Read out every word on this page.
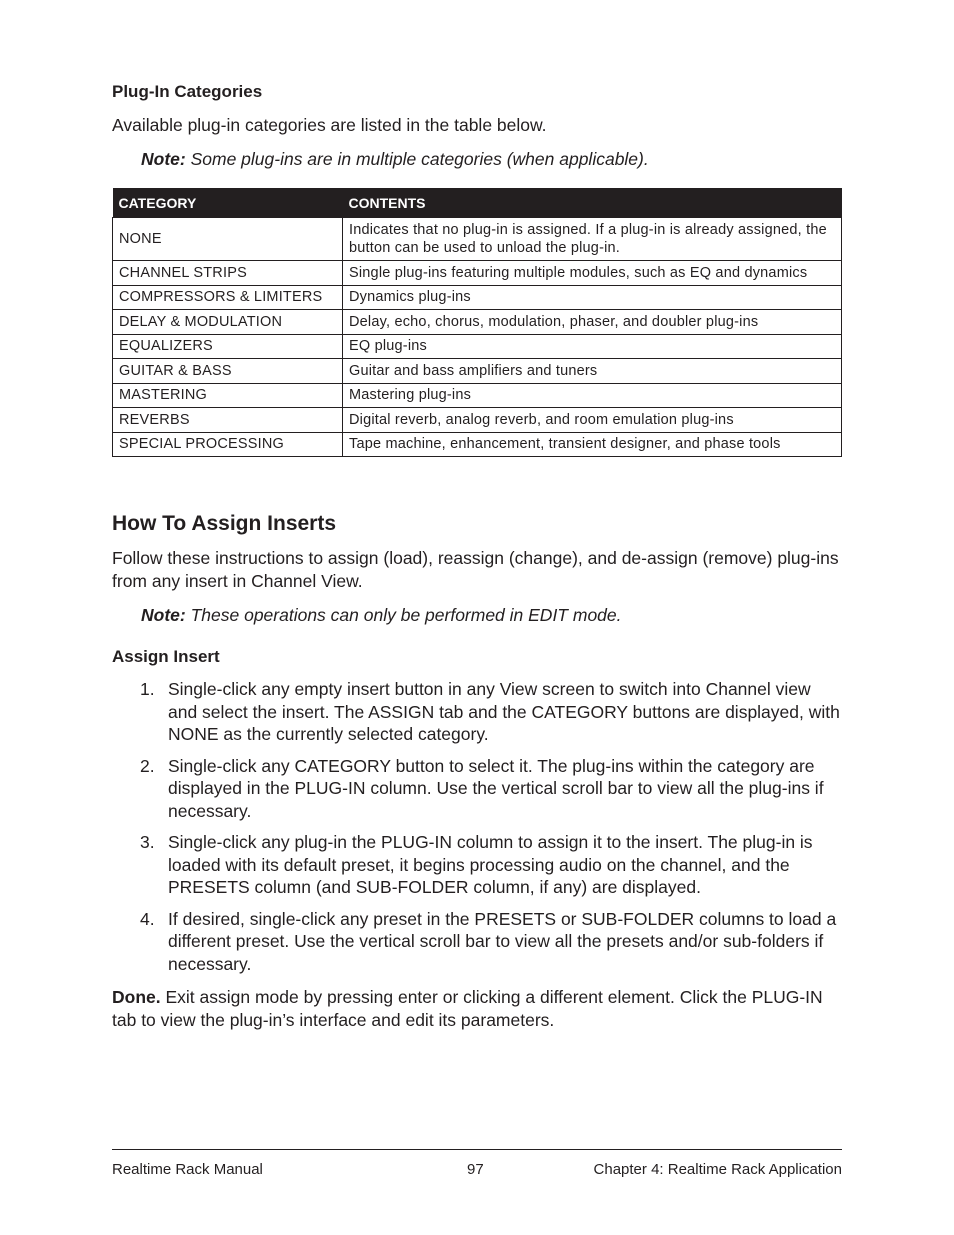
Plug-In Categories
Available plug-in categories are listed in the table below.
Note: Some plug-ins are in multiple categories (when applicable).
CATEGORY	CONTENTS
NONE	Indicates that no plug-in is assigned. If a plug-in is already assigned, the button can be used to unload the plug-in.
CHANNEL STRIPS	Single plug-ins featuring multiple modules, such as EQ and dynamics
COMPRESSORS & LIMITERS	Dynamics plug-ins
DELAY & MODULATION	Delay, echo, chorus, modulation, phaser, and doubler plug-ins
EQUALIZERS	EQ plug-ins
GUITAR & BASS	Guitar and bass amplifiers and tuners
MASTERING	Mastering plug-ins
REVERBS	Digital reverb, analog reverb, and room emulation plug-ins
SPECIAL PROCESSING	Tape machine, enhancement, transient designer, and phase tools
How To Assign Inserts
Follow these instructions to assign (load), reassign (change), and de-assign (remove) plug-ins from any insert in Channel View.
Note: These operations can only be performed in EDIT mode.
Assign Insert
1. Single-click any empty insert button in any View screen to switch into Channel view and select the insert. The ASSIGN tab and the CATEGORY buttons are displayed, with NONE as the currently selected category.
2. Single-click any CATEGORY button to select it. The plug-ins within the category are displayed in the PLUG-IN column. Use the vertical scroll bar to view all the plug-ins if necessary.
3. Single-click any plug-in the PLUG-IN column to assign it to the insert. The plug-in is loaded with its default preset, it begins processing audio on the channel, and the PRESETS column (and SUB-FOLDER column, if any) are displayed.
4. If desired, single-click any preset in the PRESETS or SUB-FOLDER columns to load a different preset. Use the vertical scroll bar to view all the presets and/or sub-folders if necessary.
Done. Exit assign mode by pressing enter or clicking a different element. Click the PLUG-IN tab to view the plug-in’s interface and edit its parameters.
Realtime Rack Manual	97	Chapter 4: Realtime Rack Application
